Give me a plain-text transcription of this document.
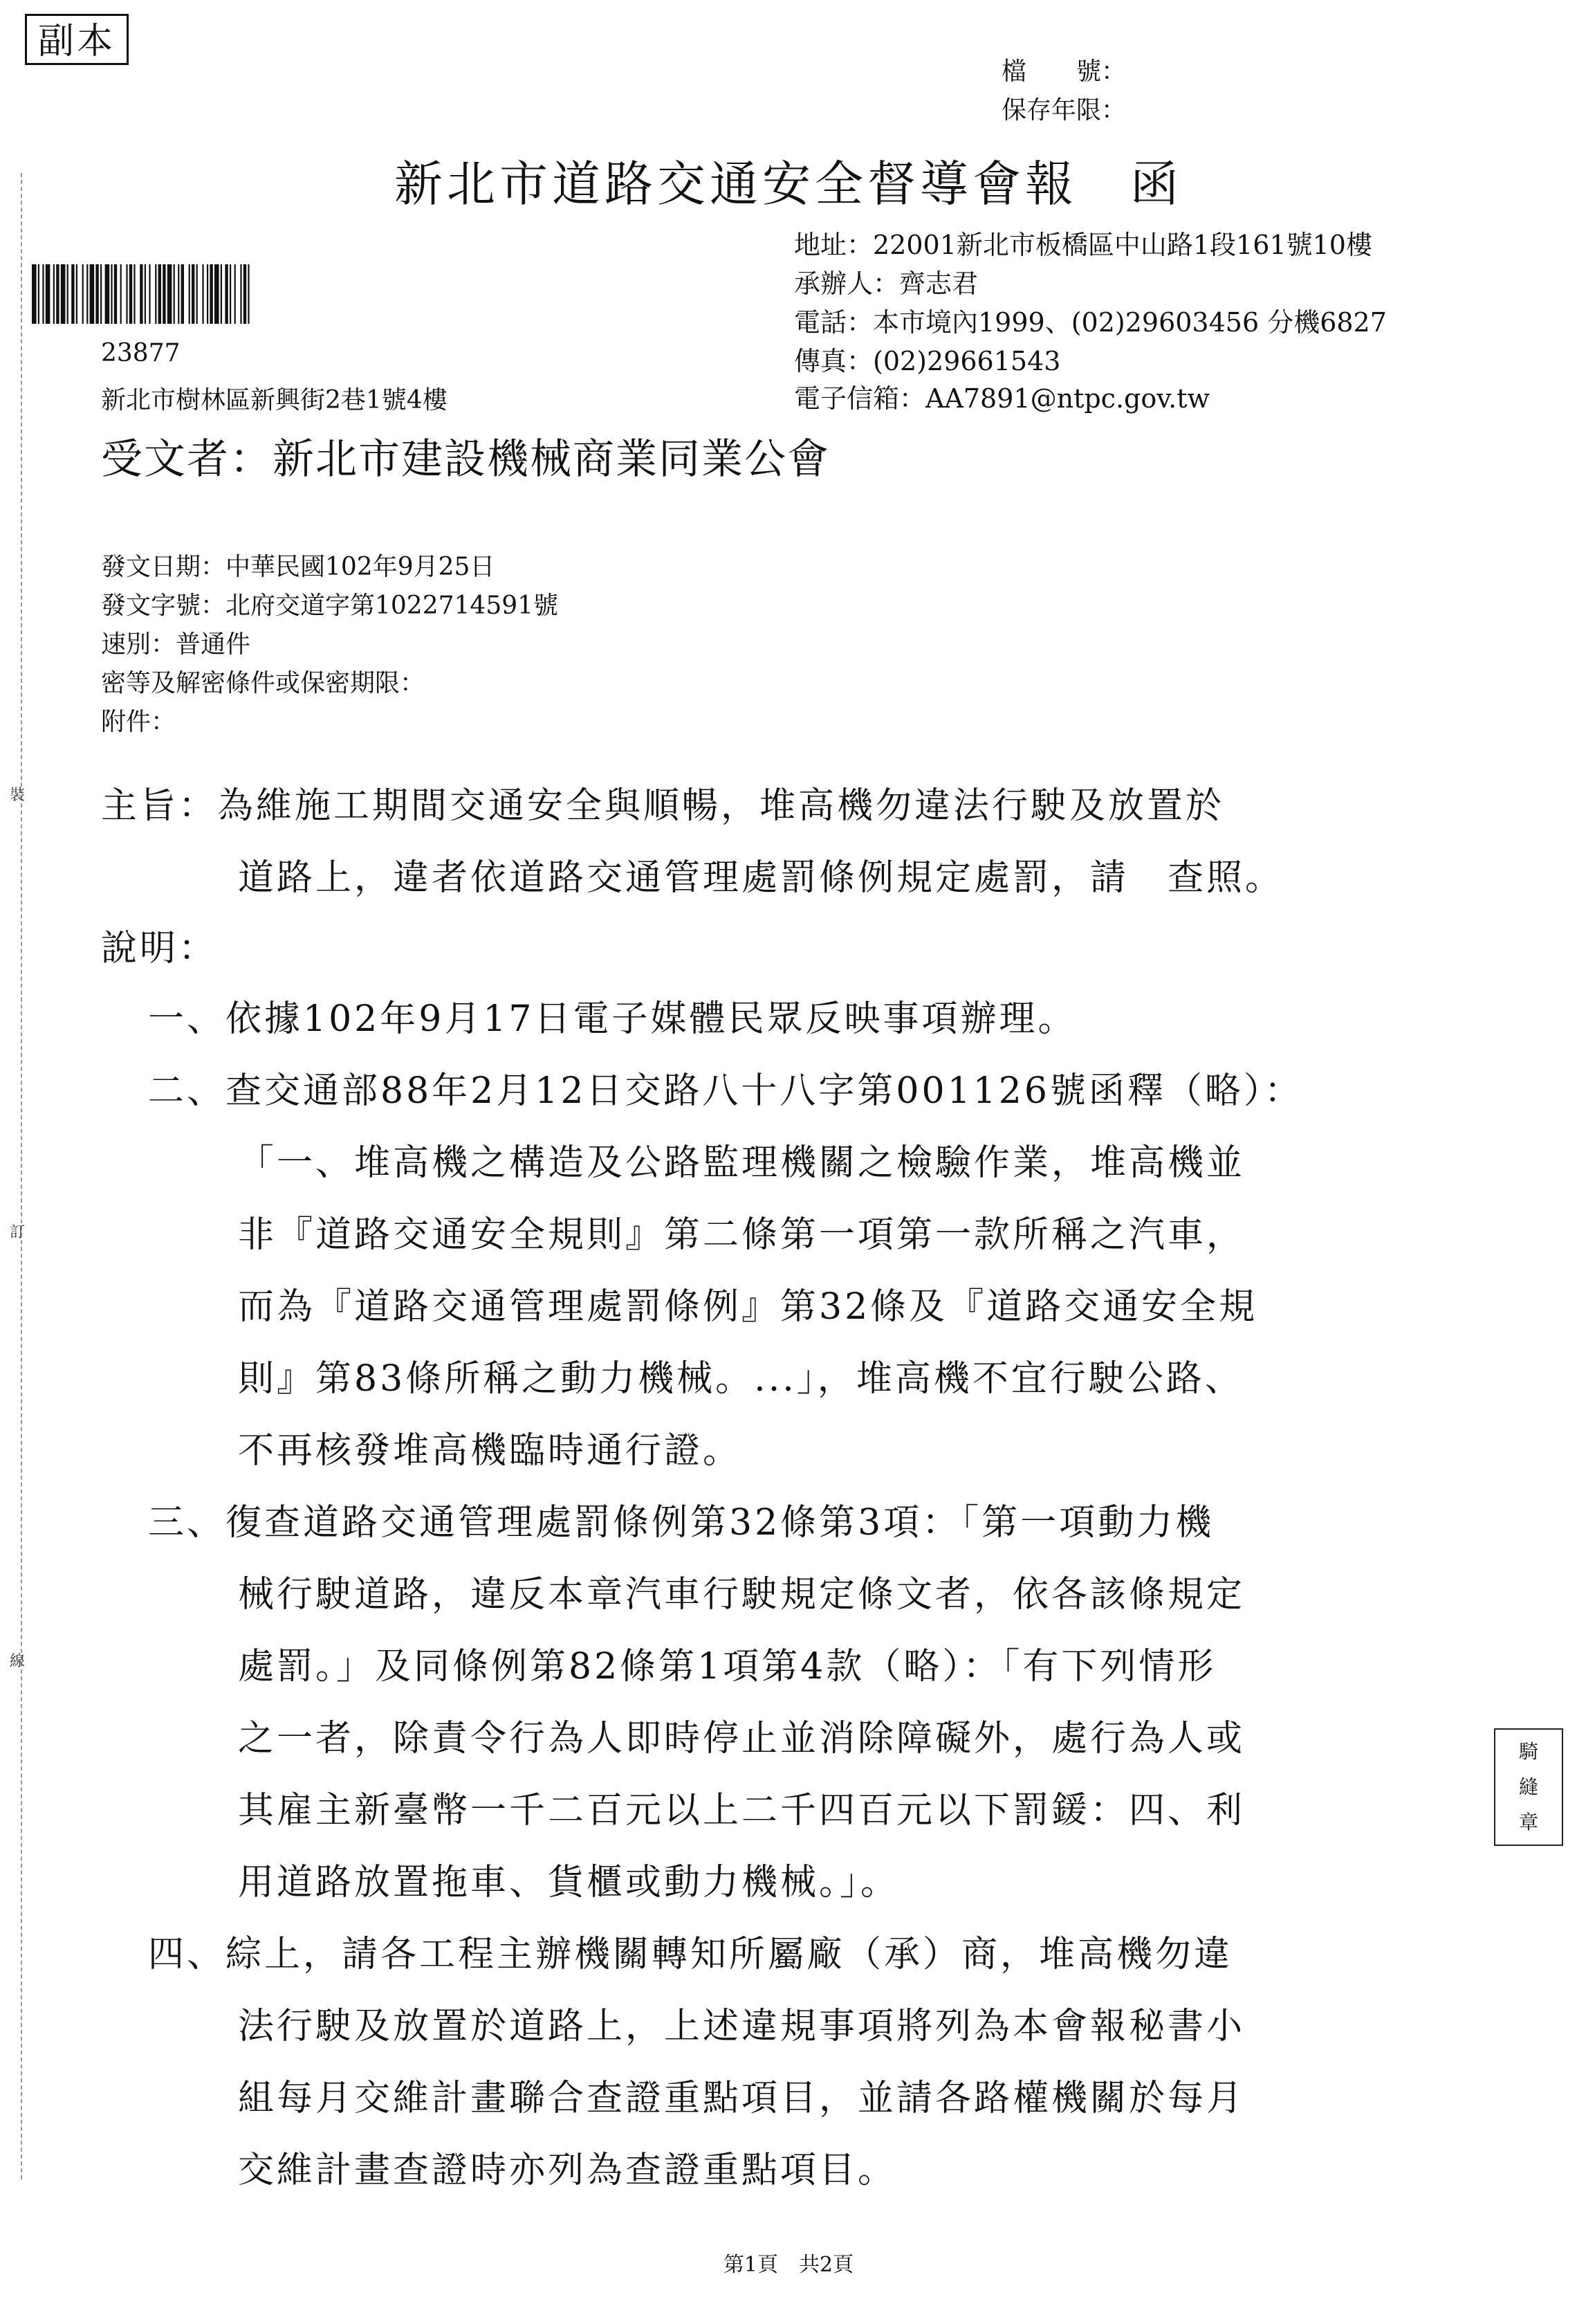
副本
檔　　號：
保存年限：
新北市道路交通安全督導會報　函
地址：22001新北市板橋區中山路1段161號10樓
承辦人：齊志君
電話：本市境內1999、(02)29603456 分機6827
傳真：(02)29661543
電子信箱：AA7891@ntpc.gov.tw
23877
新北市樹林區新興街2巷1號4樓
受文者：新北市建設機械商業同業公會
發文日期：中華民國102年9月25日
發文字號：北府交道字第1022714591號
速別：普通件
密等及解密條件或保密期限：
附件：
裝
訂
線
主旨：為維施工期間交通安全與順暢，堆高機勿違法行駛及放置於
道路上，違者依道路交通管理處罰條例規定處罰，請　查照。
說明：
一、依據102年9月17日電子媒體民眾反映事項辦理。
二、查交通部88年2月12日交路八十八字第001126號函釋（略）：
「一、堆高機之構造及公路監理機關之檢驗作業，堆高機並
非『道路交通安全規則』第二條第一項第一款所稱之汽車，
而為『道路交通管理處罰條例』第32條及『道路交通安全規
則』第83條所稱之動力機械。...」，堆高機不宜行駛公路、
不再核發堆高機臨時通行證。
三、復查道路交通管理處罰條例第32條第3項：「第一項動力機
械行駛道路，違反本章汽車行駛規定條文者，依各該條規定
處罰。」及同條例第82條第1項第4款（略）：「有下列情形
之一者，除責令行為人即時停止並消除障礙外，處行為人或
其雇主新臺幣一千二百元以上二千四百元以下罰鍰：四、利
用道路放置拖車、貨櫃或動力機械。」。
四、綜上，請各工程主辦機關轉知所屬廠（承）商，堆高機勿違
法行駛及放置於道路上，上述違規事項將列為本會報秘書小
組每月交維計畫聯合查證重點項目，並請各路權機關於每月
交維計畫查證時亦列為查證重點項目。
騎
縫
章
第1頁　共2頁
